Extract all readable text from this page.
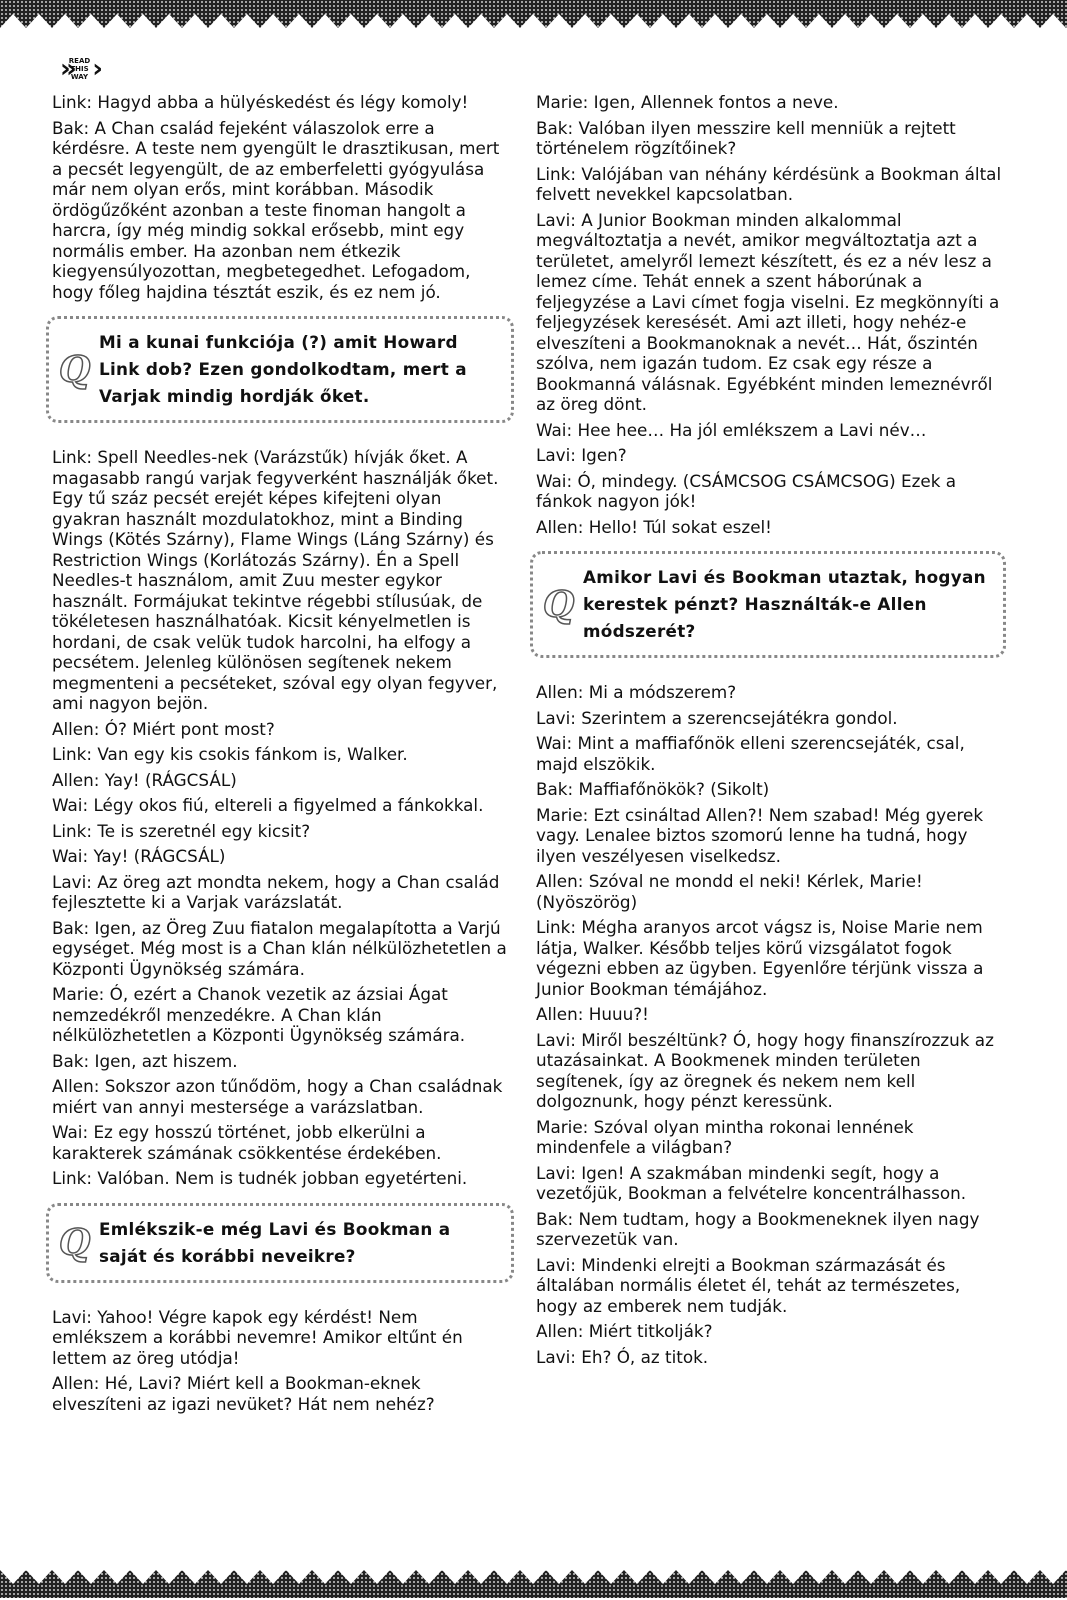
» READ
THIS
WAY ›

Link: Hagyd abba a hülyéskedést és légy komoly!

Bak: A Chan család fejeként válaszolok erre a kérdésre. A teste nem gyengült le drasztikusan, mert a pecsét legyengült, de az emberfeletti gyógyulása már nem olyan erős, mint korábban. Második ördögűzőként azonban a teste finoman hangolt a harcra, így még mindig sokkal erősebb, mint egy normális ember. Ha azonban nem étkezik kiegyensúlyozottan, megbetegedhet. Lefogadom, hogy főleg hajdina tésztát eszik, és ez nem jó.

Q
Mi a kunai funkciója (?) amit Howard Link dob? Ezen gondolkodtam, mert a Varjak mindig hordják őket.

Link: Spell Needles-nek (Varázstűk) hívják őket. A magasabb rangú varjak fegyverként használják őket. Egy tű száz pecsét erejét képes kifejteni olyan gyakran használt mozdulatokhoz, mint a Binding Wings (Kötés Szárny), Flame Wings (Láng Szárny) és Restriction Wings (Korlátozás Szárny). Én a Spell Needles-t használom, amit Zuu mester egykor használt. Formájukat tekintve régebbi stílusúak, de tökéletesen használhatóak. Kicsit kényelmetlen is hordani, de csak velük tudok harcolni, ha elfogy a pecsétem. Jelenleg különösen segítenek nekem megmenteni a pecséteket, szóval egy olyan fegyver, ami nagyon bejön.

Allen: Ó? Miért pont most?

Link: Van egy kis csokis fánkom is, Walker.

Allen: Yay! (RÁGCSÁL)

Wai: Légy okos fiú, eltereli a figyelmed a fánkokkal.

Link: Te is szeretnél egy kicsit?

Wai: Yay! (RÁGCSÁL)

Lavi: Az öreg azt mondta nekem, hogy a Chan család fejlesztette ki a Varjak varázslatát.

Bak: Igen, az Öreg Zuu fiatalon megalapította a Varjú egységet. Még most is a Chan klán nélkülözhetetlen a Központi Ügynökség számára.

Marie: Ó, ezért a Chanok vezetik az ázsiai Ágat nemzedékről menzedékre. A Chan klán nélkülözhetetlen a Központi Ügynökség számára.

Bak: Igen, azt hiszem.

Allen: Sokszor azon tűnődöm, hogy a Chan családnak miért van annyi mestersége a varázslatban.

Wai: Ez egy hosszú történet, jobb elkerülni a karakterek számának csökkentése érdekében.

Link: Valóban. Nem is tudnék jobban egyetérteni.

Q Emlékszik-e még Lavi és Bookman a saját és korábbi neveikre?

Lavi: Yahoo! Végre kapok egy kérdést! Nem emlékszem a korábbi nevemre! Amikor eltűnt én lettem az öreg utódja!

Allen: Hé, Lavi? Miért kell a Bookman-eknek elveszíteni az igazi nevüket? Hát nem nehéz?

Marie: Igen, Allennek fontos a neve.

Bak: Valóban ilyen messzire kell menniük a rejtett történelem rögzítőinek?

Link: Valójában van néhány kérdésünk a Bookman által felvett nevekkel kapcsolatban.

Lavi: A Junior Bookman minden alkalommal megváltoztatja a nevét, amikor megváltoztatja azt a területet, amelyről lemezt készített, és ez a név lesz a lemez címe. Tehát ennek a szent háborúnak a feljegyzése a Lavi címet fogja viselni. Ez megkönnyíti a feljegyzések keresését. Ami azt illeti, hogy nehéz-e elveszíteni a Bookmanoknak a nevét… Hát, őszintén szólva, nem igazán tudom. Ez csak egy része a Bookmanná válásnak. Egyébként minden lemeznévről az öreg dönt.

Wai: Hee hee… Ha jól emlékszem a Lavi név…

Lavi: Igen?

Wai: Ó, mindegy. (CSÁMCSOG CSÁMCSOG) Ezek a fánkok nagyon jók!

Allen: Hello! Túl sokat eszel!

Q
Amikor Lavi és Bookman utaztak, hogyan kerestek pénzt? Használták-e Allen módszerét?

Allen: Mi a módszerem?

Lavi: Szerintem a szerencsejátékra gondol.

Wai: Mint a maffiafőnök elleni szerencsejáték, csal, majd elszökik.

Bak: Maffiafőnökök? (Sikolt)

Marie: Ezt csináltad Allen?! Nem szabad! Még gyerek vagy. Lenalee biztos szomorú lenne ha tudná, hogy ilyen veszélyesen viselkedsz.

Allen: Szóval ne mondd el neki! Kérlek, Marie! (Nyöszörög)

Link: Mégha aranyos arcot vágsz is, Noise Marie nem látja, Walker. Később teljes körű vizsgálatot fogok végezni ebben az ügyben. Egyenlőre térjünk vissza a Junior Bookman témájához.

Allen: Huuu?!

Lavi: Miről beszéltünk? Ó, hogy hogy finanszírozzuk az utazásainkat. A Bookmenek minden területen segítenek, így az öregnek és nekem nem kell dolgoznunk, hogy pénzt keressünk.

Marie: Szóval olyan mintha rokonai lennének mindenfele a világban?

Lavi: Igen! A szakmában mindenki segít, hogy a vezetőjük, Bookman a felvételre koncentrálhasson.

Bak: Nem tudtam, hogy a Bookmeneknek ilyen nagy szervezetük van.

Lavi: Mindenki elrejti a Bookman származását és általában normális életet él, tehát az természetes, hogy az emberek nem tudják.

Allen: Miért titkolják?

Lavi: Eh? Ó, az titok.
